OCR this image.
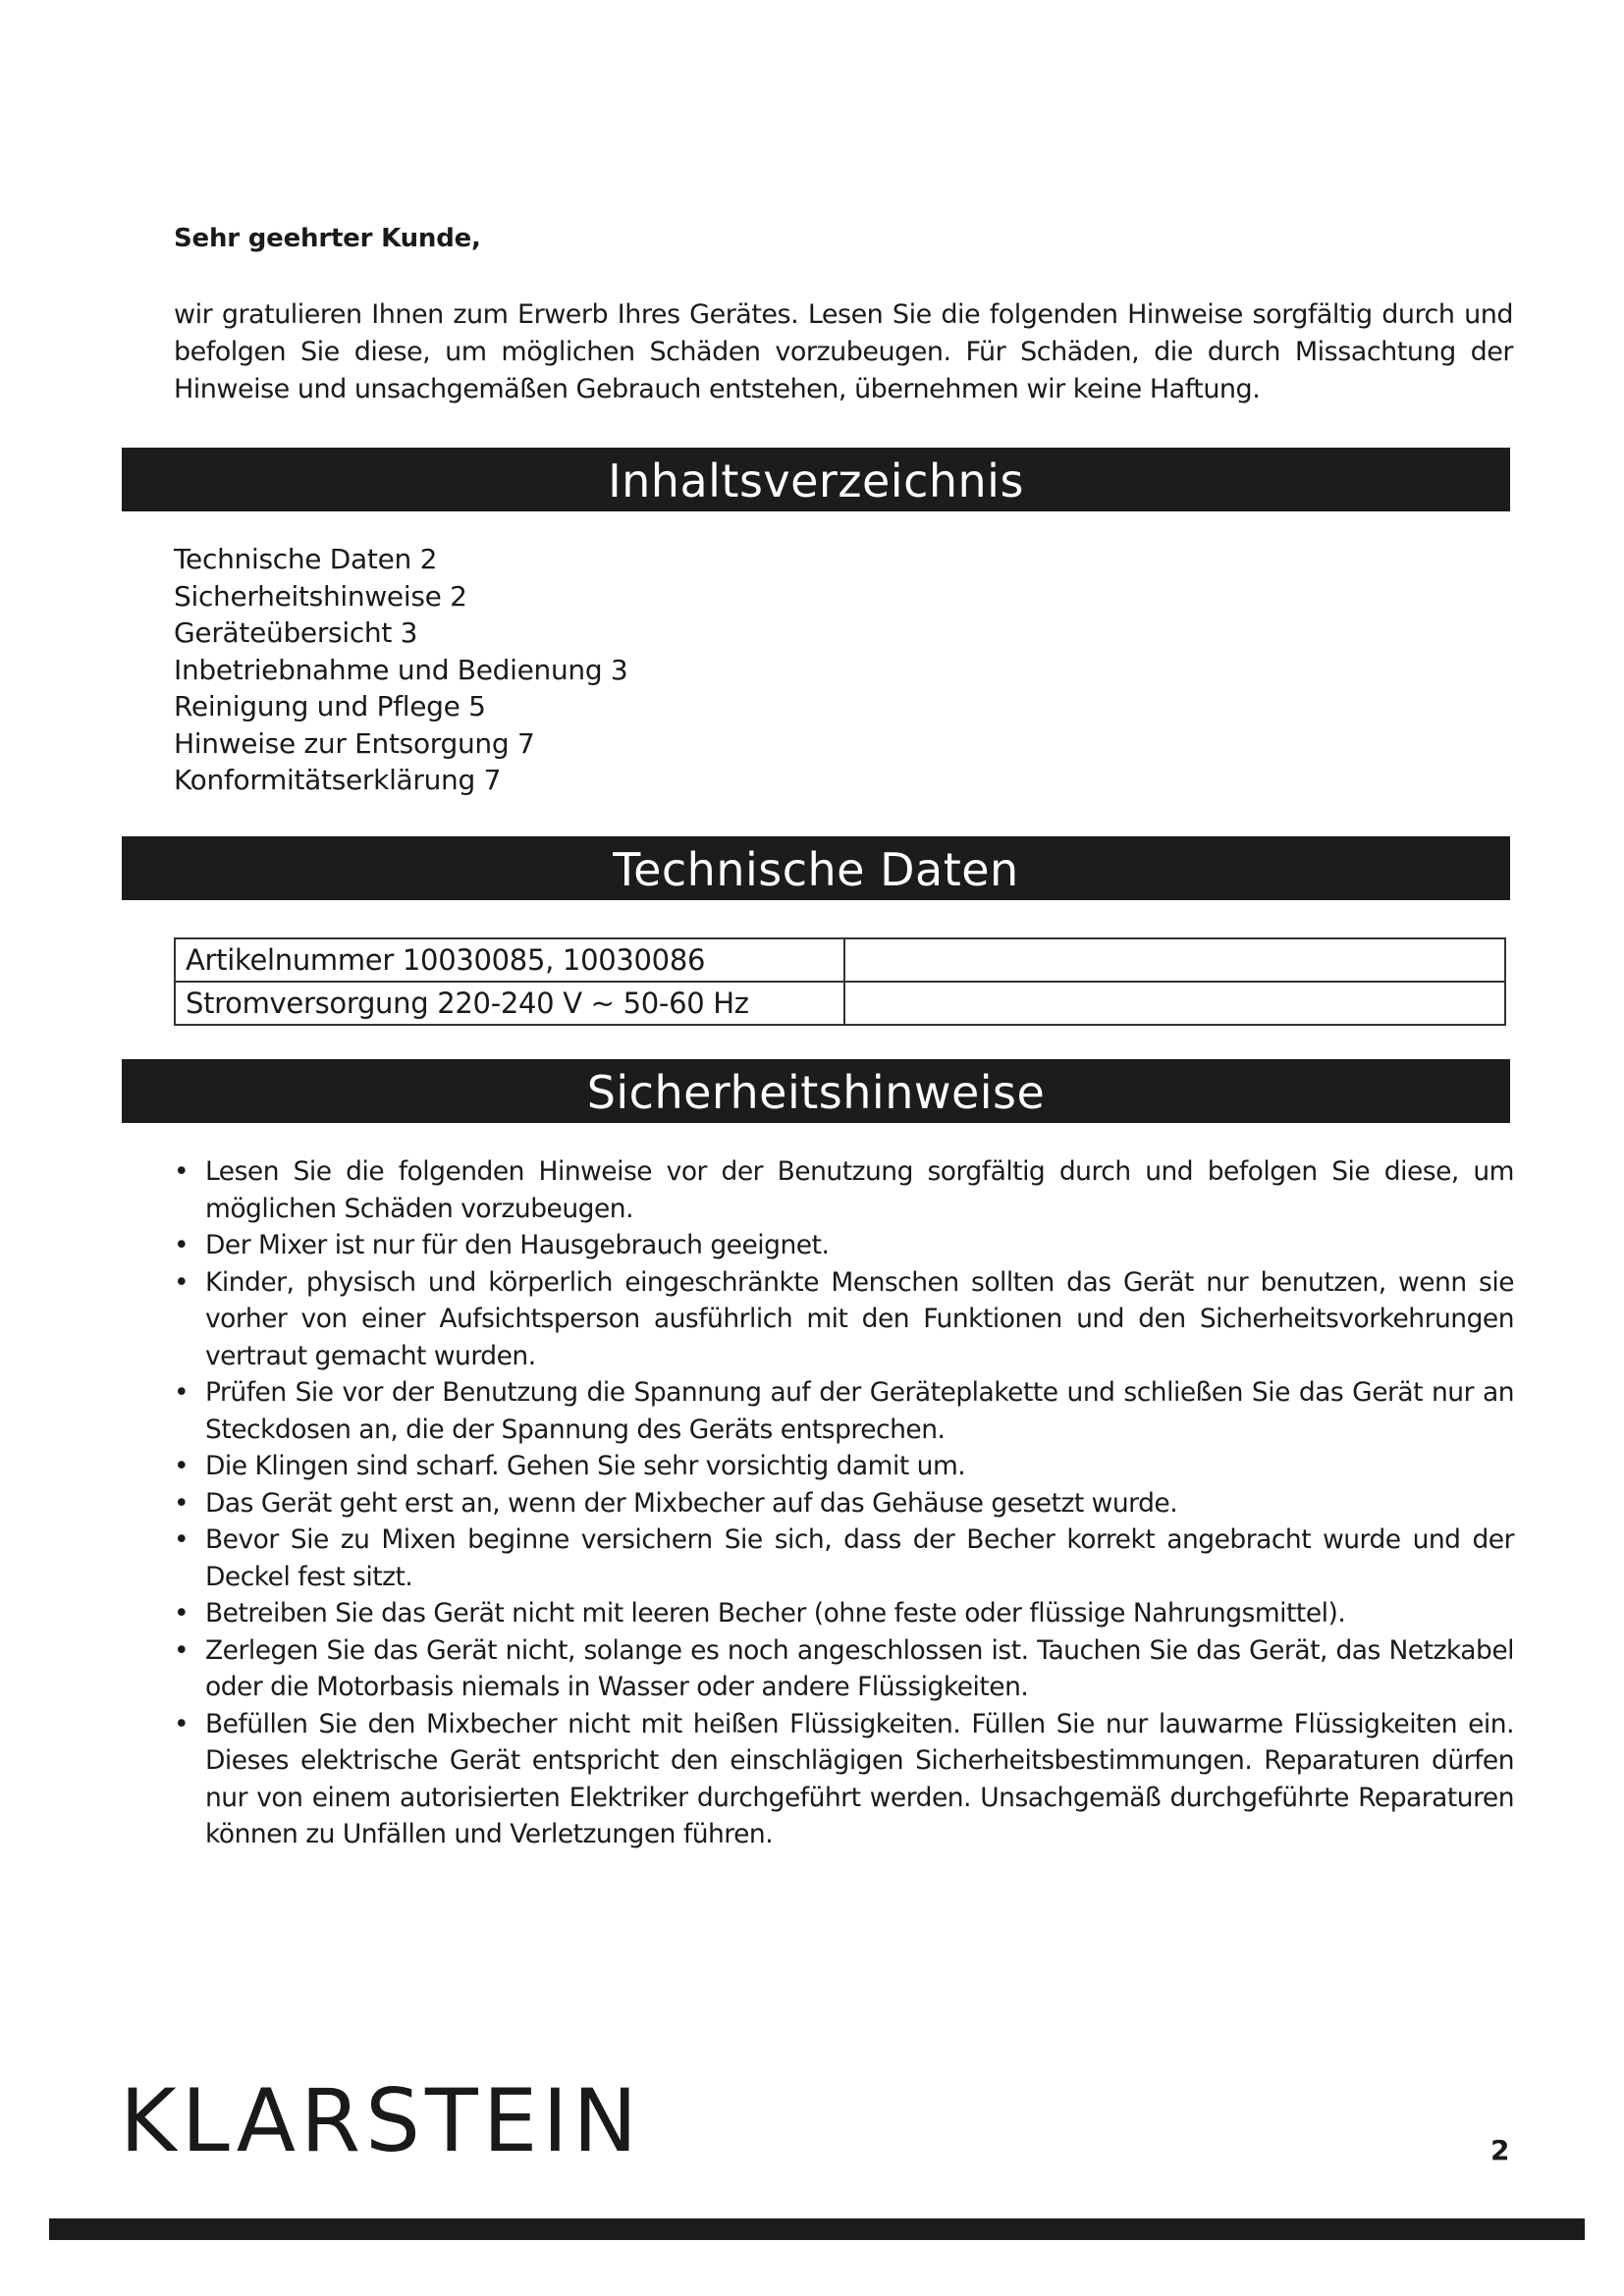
Sehr geehrter Kunde,
wir gratulieren Ihnen zum Erwerb Ihres Gerätes. Lesen Sie die folgenden Hinweise sorgfältig durch und befolgen Sie diese, um möglichen Schäden vorzubeugen. Für Schäden, die durch Missachtung der Hinweise und unsachgemäßen Gebrauch entstehen, übernehmen wir keine Haftung.
Inhaltsverzeichnis
Technische Daten 2
Sicherheitshinweise 2
Geräteübersicht 3
Inbetriebnahme und Bedienung 3
Reinigung und Pflege 5
Hinweise zur Entsorgung 7
Konformitätserklärung 7
Technische Daten
Artikelnummer 10030085, 10030086	
Stromversorgung 220-240 V ~ 50-60 Hz	
Sicherheitshinweise
• Lesen Sie die folgenden Hinweise vor der Benutzung sorgfältig durch und befolgen Sie diese, um möglichen Schäden vorzubeugen.
• Der Mixer ist nur für den Hausgebrauch geeignet.
• Kinder, physisch und körperlich eingeschränkte Menschen sollten das Gerät nur benutzen, wenn sie vorher von einer Aufsichtsperson ausführlich mit den Funktionen und den Sicherheitsvorkehrungen vertraut gemacht wurden.
• Prüfen Sie vor der Benutzung die Spannung auf der Geräteplakette und schließen Sie das Gerät nur an Steckdosen an, die der Spannung des Geräts entsprechen.
• Die Klingen sind scharf. Gehen Sie sehr vorsichtig damit um.
• Das Gerät geht erst an, wenn der Mixbecher auf das Gehäuse gesetzt wurde.
• Bevor Sie zu Mixen beginne versichern Sie sich, dass der Becher korrekt angebracht wurde und der Deckel fest sitzt.
• Betreiben Sie das Gerät nicht mit leeren Becher (ohne feste oder flüssige Nahrungsmittel).
• Zerlegen Sie das Gerät nicht, solange es noch angeschlossen ist. Tauchen Sie das Gerät, das Netzkabel oder die Motorbasis niemals in Wasser oder andere Flüssigkeiten.
• Befüllen Sie den Mixbecher nicht mit heißen Flüssigkeiten. Füllen Sie nur lauwarme Flüssigkeiten ein. Dieses elektrische Gerät entspricht den einschlägigen Sicherheitsbestimmungen. Reparaturen dürfen nur von einem autorisierten Elektriker durchgeführt werden. Unsachgemäß durchgeführte Reparaturen können zu Unfällen und Verletzungen führen.
KLARSTEIN	2
